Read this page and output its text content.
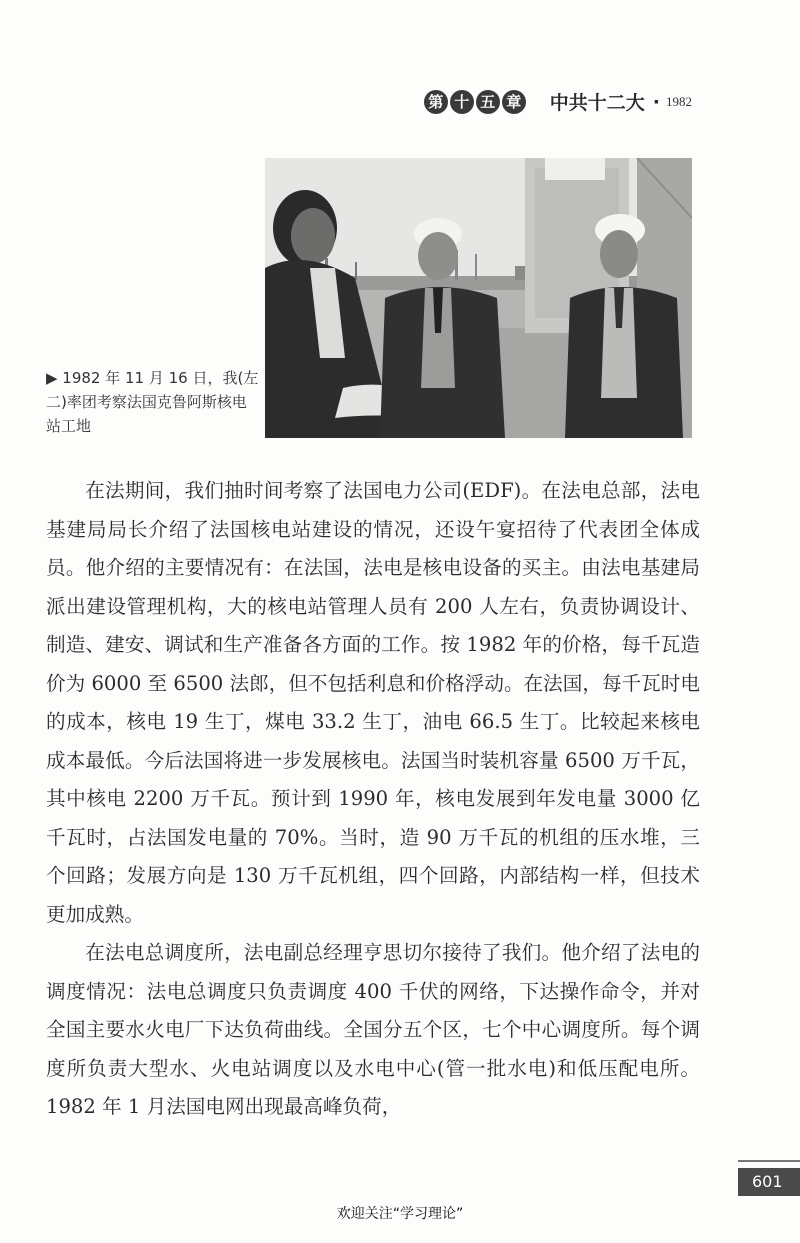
第 十 五 章 中共十二大 · 1982
▶ 1982 年 11 月 16 日，我(左二)率团考察法国克鲁阿斯核电站工地

在法期间，我们抽时间考察了法国电力公司(EDF)。在法电总部，法电基建局局长介绍了法国核电站建设的情况，还设午宴招待了代表团全体成员。他介绍的主要情况有：在法国，法电是核电设备的买主。由法电基建局派出建设管理机构，大的核电站管理人员有 200 人左右，负责协调设计、制造、建安、调试和生产准备各方面的工作。按 1982 年的价格，每千瓦造价为 6000 至 6500 法郎，但不包括利息和价格浮动。在法国，每千瓦时电的成本，核电 19 生丁，煤电 33.2 生丁，油电 66.5 生丁。比较起来核电成本最低。今后法国将进一步发展核电。法国当时装机容量 6500 万千瓦，其中核电 2200 万千瓦。预计到 1990 年，核电发展到年发电量 3000 亿千瓦时，占法国发电量的 70%。当时，造 90 万千瓦的机组的压水堆，三个回路；发展方向是 130 万千瓦机组，四个回路，内部结构一样，但技术更加成熟。

在法电总调度所，法电副总经理亨思切尔接待了我们。他介绍了法电的调度情况：法电总调度只负责调度 400 千伏的网络，下达操作命令，并对全国主要水火电厂下达负荷曲线。全国分五个区，七个中心调度所。每个调度所负责大型水、火电站调度以及水电中心(管一批水电)和低压配电所。1982 年 1 月法国电网出现最高峰负荷，

601
欢迎关注“学习理论”
